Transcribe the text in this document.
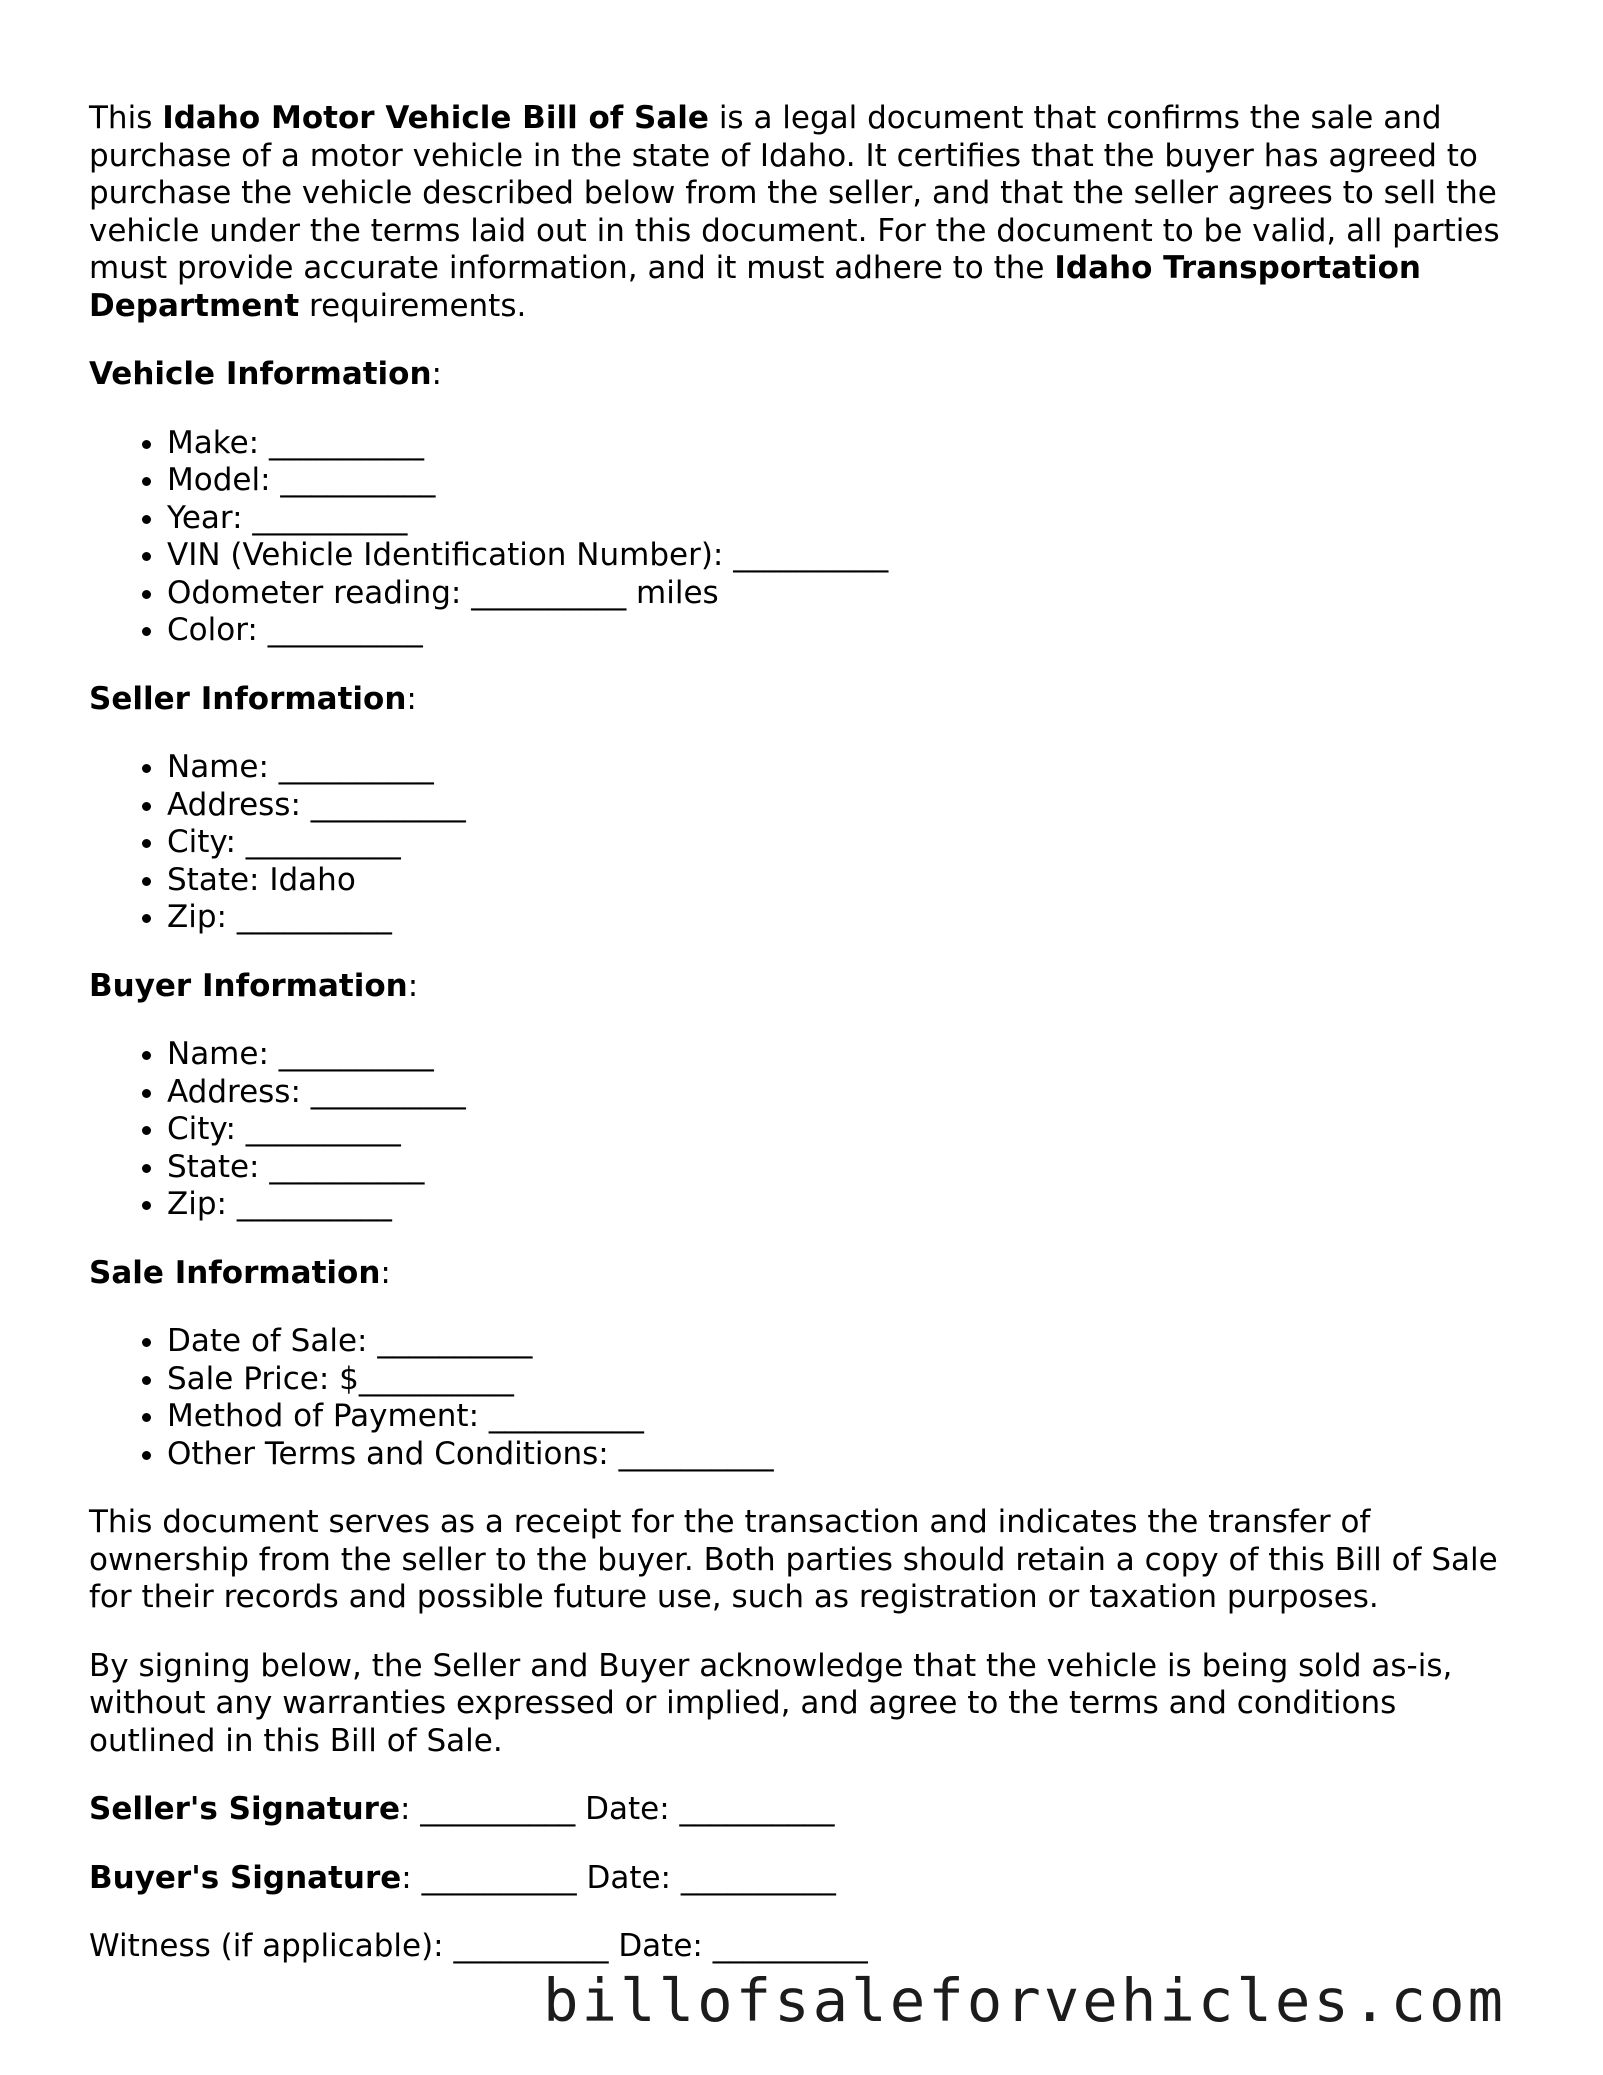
This Idaho Motor Vehicle Bill of Sale is a legal document that confirms the sale and purchase of a motor vehicle in the state of Idaho. It certifies that the buyer has agreed to purchase the vehicle described below from the seller, and that the seller agrees to sell the vehicle under the terms laid out in this document. For the document to be valid, all parties must provide accurate information, and it must adhere to the Idaho Transportation Department requirements.

Vehicle Information:

• Make: __________
• Model: __________
• Year: __________
• VIN (Vehicle Identification Number): __________
• Odometer reading: __________ miles
• Color: __________

Seller Information:

• Name: __________
• Address: __________
• City: __________
• State: Idaho
• Zip: __________

Buyer Information:

• Name: __________
• Address: __________
• City: __________
• State: __________
• Zip: __________

Sale Information:

• Date of Sale: __________
• Sale Price: $__________
• Method of Payment: __________
• Other Terms and Conditions: __________

This document serves as a receipt for the transaction and indicates the transfer of ownership from the seller to the buyer. Both parties should retain a copy of this Bill of Sale for their records and possible future use, such as registration or taxation purposes.

By signing below, the Seller and Buyer acknowledge that the vehicle is being sold as-is, without any warranties expressed or implied, and agree to the terms and conditions outlined in this Bill of Sale.

Seller's Signature: __________ Date: __________

Buyer's Signature: __________ Date: __________

Witness (if applicable): __________ Date: __________

billofsaleforvehicles.com
